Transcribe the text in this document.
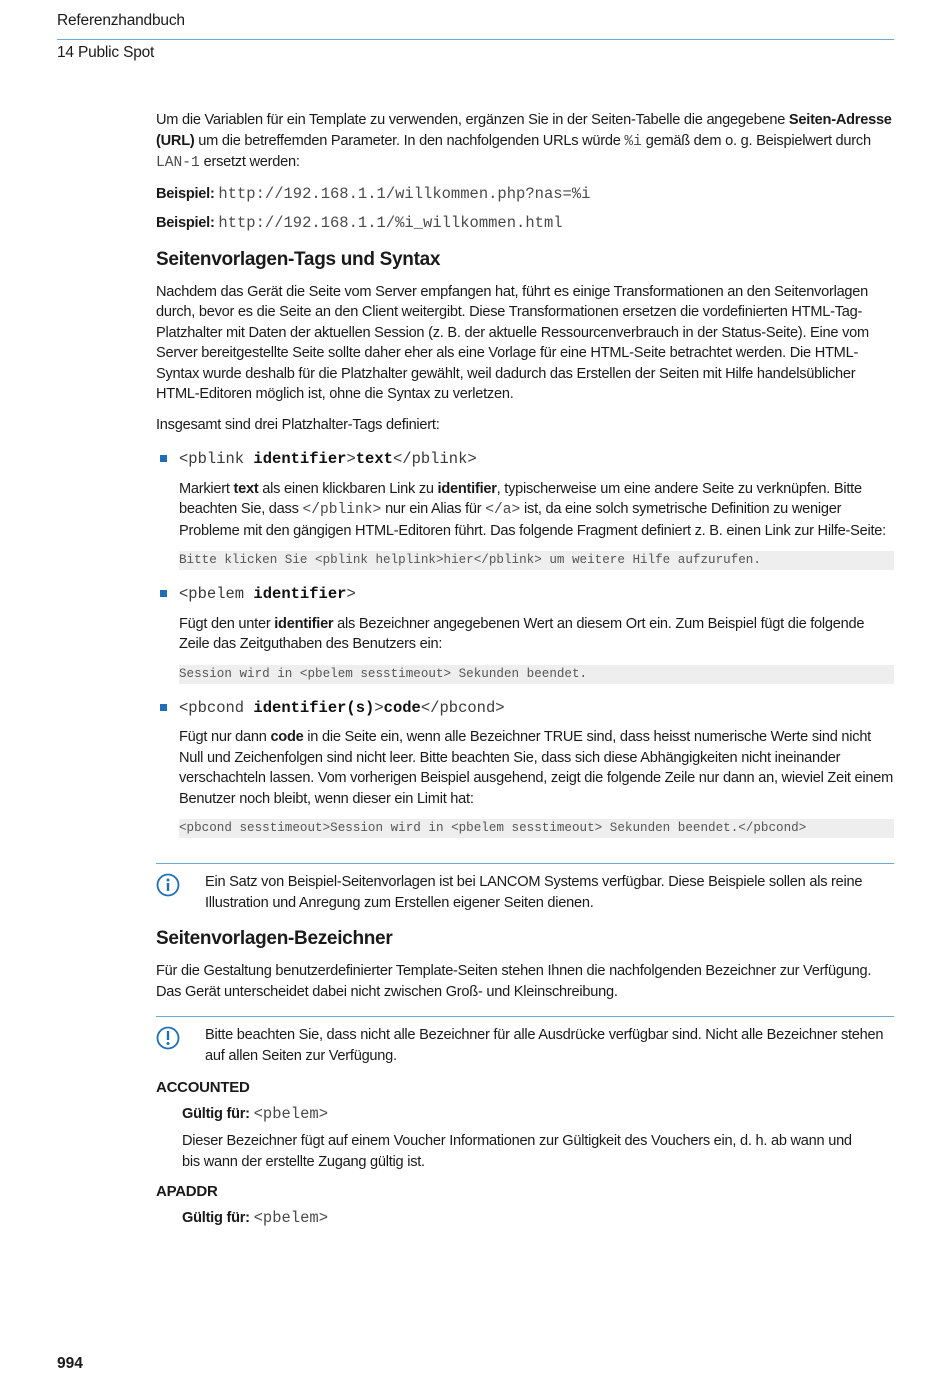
Referenzhandbuch
14 Public Spot

Um die Variablen für ein Template zu verwenden, ergänzen Sie in der Seiten-Tabelle die angegebene Seiten-Adresse (URL) um die betreffemden Parameter. In den nachfolgenden URLs würde %i gemäß dem o. g. Beispielwert durch LAN-1 ersetzt werden:

Beispiel: http://192.168.1.1/willkommen.php?nas=%i

Beispiel: http://192.168.1.1/%i_willkommen.html

Seitenvorlagen-Tags und Syntax

Nachdem das Gerät die Seite vom Server empfangen hat, führt es einige Transformationen an den Seitenvorlagen durch, bevor es die Seite an den Client weitergibt. Diese Transformationen ersetzen die vordefinierten HTML-Tag-Platzhalter mit Daten der aktuellen Session (z. B. der aktuelle Ressourcenverbrauch in der Status-Seite). Eine vom Server bereitgestellte Seite sollte daher eher als eine Vorlage für eine HTML-Seite betrachtet werden. Die HTML-Syntax wurde deshalb für die Platzhalter gewählt, weil dadurch das Erstellen der Seiten mit Hilfe handelsüblicher HTML-Editoren möglich ist, ohne die Syntax zu verletzen.

Insgesamt sind drei Platzhalter-Tags definiert:

<pblink identifier>text</pblink>

Markiert text als einen klickbaren Link zu identifier, typischerweise um eine andere Seite zu verknüpfen. Bitte beachten Sie, dass </pblink> nur ein Alias für </a> ist, da eine solch symetrische Definition zu weniger Probleme mit den gängigen HTML-Editoren führt. Das folgende Fragment definiert z. B. einen Link zur Hilfe-Seite:

Bitte klicken Sie <pblink helplink>hier</pblink> um weitere Hilfe aufzurufen.
<pbelem identifier>

Fügt den unter identifier als Bezeichner angegebenen Wert an diesem Ort ein. Zum Beispiel fügt die folgende Zeile das Zeitguthaben des Benutzers ein:

Session wird in <pbelem sesstimeout> Sekunden beendet.
<pbcond identifier(s)>code</pbcond>

Fügt nur dann code in die Seite ein, wenn alle Bezeichner TRUE sind, dass heisst numerische Werte sind nicht Null und Zeichenfolgen sind nicht leer. Bitte beachten Sie, dass sich diese Abhängigkeiten nicht ineinander verschachteln lassen. Vom vorherigen Beispiel ausgehend, zeigt die folgende Zeile nur dann an, wieviel Zeit einem Benutzer noch bleibt, wenn dieser ein Limit hat:

<pbcond sesstimeout>Session wird in <pbelem sesstimeout> Sekunden beendet.</pbcond>
Ein Satz von Beispiel-Seitenvorlagen ist bei LANCOM Systems verfügbar. Diese Beispiele sollen als reine Illustration und Anregung zum Erstellen eigener Seiten dienen.
Seitenvorlagen-Bezeichner

Für die Gestaltung benutzerdefinierter Template-Seiten stehen Ihnen die nachfolgenden Bezeichner zur Verfügung. Das Gerät unterscheidet dabei nicht zwischen Groß- und Kleinschreibung.

Bitte beachten Sie, dass nicht alle Bezeichner für alle Ausdrücke verfügbar sind. Nicht alle Bezeichner stehen auf allen Seiten zur Verfügung.
ACCOUNTED

Gültig für: <pbelem>

Dieser Bezeichner fügt auf einem Voucher Informationen zur Gültigkeit des Vouchers ein, d. h. ab wann und bis wann der erstellte Zugang gültig ist.

APADDR

Gültig für: <pbelem>

994
